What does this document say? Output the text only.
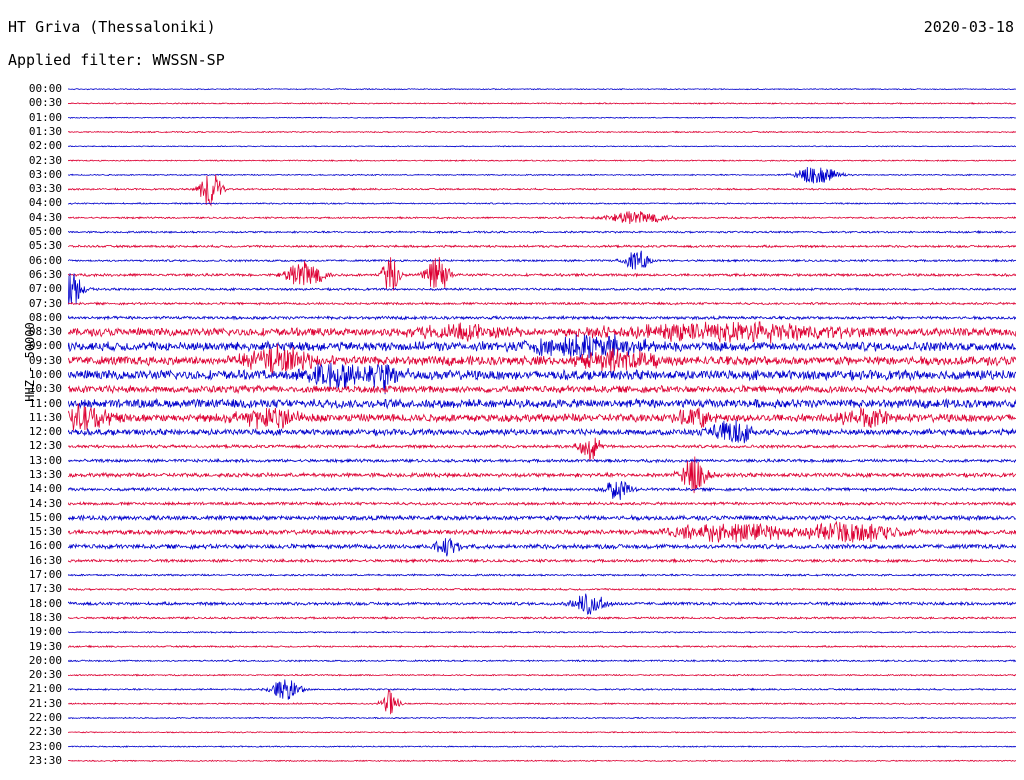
HT Griva (Thessaloniki)
Applied filter: WWSSN-SP
2020-03-18
HHZ - 50000
00:00
00:30
01:00
01:30
02:00
02:30
03:00
03:30
04:00
04:30
05:00
05:30
06:00
06:30
07:00
07:30
08:00
08:30
09:00
09:30
10:00
10:30
11:00
11:30
12:00
12:30
13:00
13:30
14:00
14:30
15:00
15:30
16:00
16:30
17:00
17:30
18:00
18:30
19:00
19:30
20:00
20:30
21:00
21:30
22:00
22:30
23:00
23:30
